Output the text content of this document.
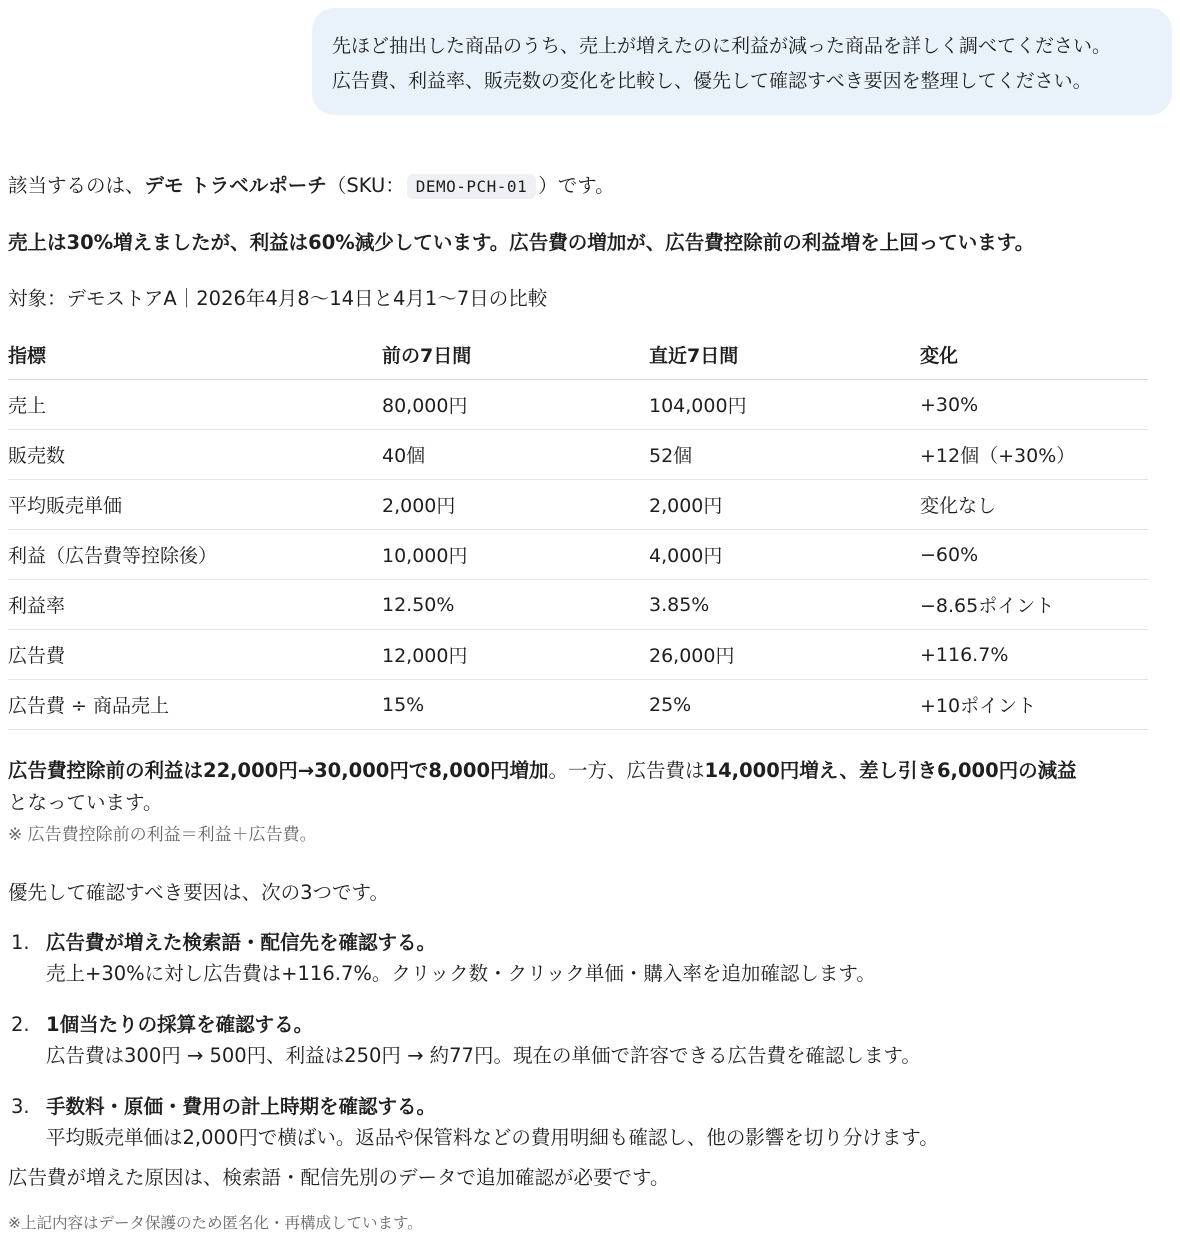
先ほど抽出した商品のうち、売上が増えたのに利益が減った商品を詳しく調べてください。
広告費、利益率、販売数の変化を比較し、優先して確認すべき要因を整理してください。
該当するのは、デモ トラベルポーチ（SKU： DEMO-PCH-01 ）です。
売上は30%増えましたが、利益は60%減少しています。広告費の増加が、広告費控除前の利益増を上回っています。
対象：デモストアA｜2026年4月8〜14日と4月1〜7日の比較
指標	前の7日間	直近7日間	変化
売上	80,000円	104,000円	+30%
販売数	40個	52個	+12個（+30%）
平均販売単価	2,000円	2,000円	変化なし
利益（広告費等控除後）	10,000円	4,000円	−60%
利益率	12.50%	3.85%	−8.65ポイント
広告費	12,000円	26,000円	+116.7%
広告費 ÷ 商品売上	15%	25%	+10ポイント
広告費控除前の利益は22,000円→30,000円で8,000円増加。一方、広告費は14,000円増え、差し引き6,000円の減益
となっています。
※ 広告費控除前の利益＝利益＋広告費。
優先して確認すべき要因は、次の3つです。
1. 広告費が増えた検索語・配信先を確認する。
売上+30%に対し広告費は+116.7%。クリック数・クリック単価・購入率を追加確認します。
2. 1個当たりの採算を確認する。
広告費は300円 → 500円、利益は250円 → 約77円。現在の単価で許容できる広告費を確認します。
3. 手数料・原価・費用の計上時期を確認する。
平均販売単価は2,000円で横ばい。返品や保管料などの費用明細も確認し、他の影響を切り分けます。
広告費が増えた原因は、検索語・配信先別のデータで追加確認が必要です。
※上記内容はデータ保護のため匿名化・再構成しています。
